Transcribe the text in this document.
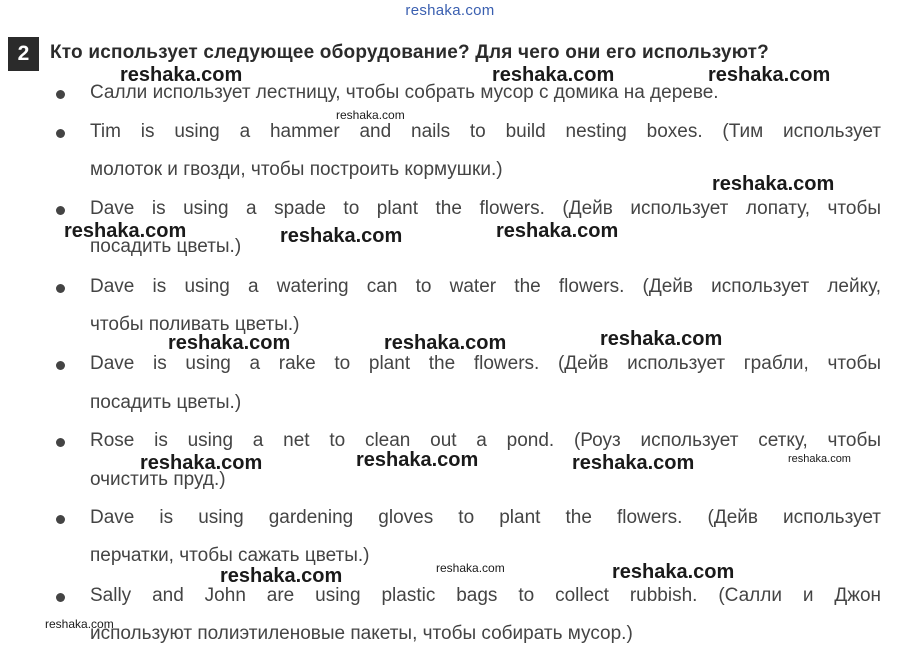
reshaka.com
2	Кто использует следующее оборудование? Для чего они его используют?
Салли использует лестницу, чтобы собрать мусор с домика на дереве.
Tim is using a hammer and nails to build nesting boxes. (Тим использует
молоток и гвозди, чтобы построить кормушки.)
Dave is using a spade to plant the flowers. (Дейв использует лопату, чтобы
посадить цветы.)
Dave is using a watering can to water the flowers. (Дейв использует лейку,
чтобы поливать цветы.)
Dave is using a rake to plant the flowers. (Дейв использует грабли, чтобы
посадить цветы.)
Rose is using a net to clean out a pond. (Роуз использует сетку, чтобы
очистить пруд.)
Dave is using gardening gloves to plant the flowers. (Дейв использует
перчатки, чтобы сажать цветы.)
Sally and John are using plastic bags to collect rubbish. (Салли и Джон
используют полиэтиленовые пакеты, чтобы собирать мусор.)
reshaka.com	reshaka.com	reshaka.com
reshaka.com
reshaka.com
reshaka.com	reshaka.com	reshaka.com
reshaka.com
reshaka.com	reshaka.com
reshaka.com	reshaka.com	reshaka.com	reshaka.com
reshaka.com	reshaka.com	reshaka.com
reshaka.com
